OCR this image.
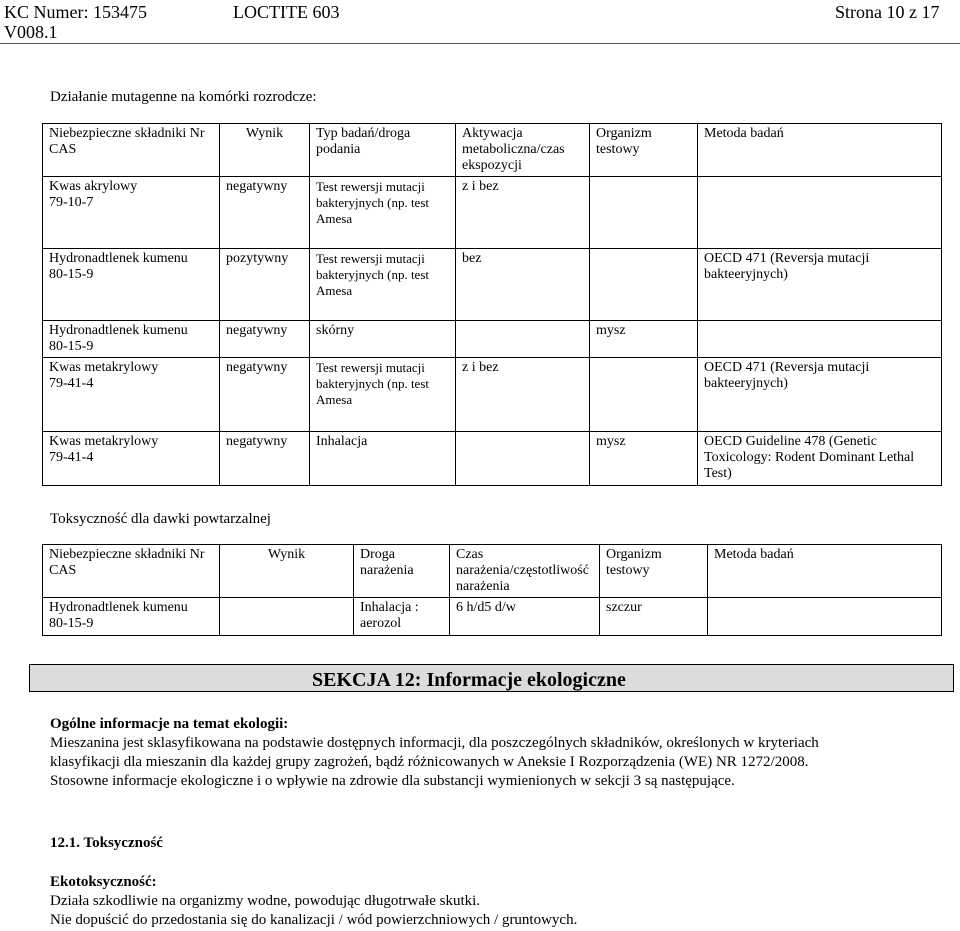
KC Numer: 153475	LOCTITE 603	Strona 10 z 17
V008.1
Działanie mutagenne na komórki rozrodcze:
Niebezpieczne składniki Nr CAS	Wynik	Typ badań/droga podania	Aktywacja metaboliczna/czas ekspozycji	Organizm testowy	Metoda badań

Kwas akrylowy
79-10-7	negatywny	Test rewersji mutacji bakteryjnych (np. test Amesa	z i bez		

Hydronadtlenek kumenu
80-15-9	pozytywny	Test rewersji mutacji bakteryjnych (np. test Amesa	bez		OECD 471 (Reversja mutacji bakteeryjnych)

Hydronadtlenek kumenu
80-15-9	negatywny	skórny		mysz	

Kwas metakrylowy
79-41-4	negatywny	Test rewersji mutacji bakteryjnych (np. test Amesa	z i bez		OECD 471 (Reversja mutacji bakteeryjnych)

Kwas metakrylowy
79-41-4	negatywny	Inhalacja		mysz	OECD Guideline 478 (Genetic Toxicology: Rodent Dominant Lethal Test)
Toksyczność dla dawki powtarzalnej
Niebezpieczne składniki Nr CAS	Wynik	Droga narażenia	Czas narażenia/częstotliwość narażenia	Organizm testowy	Metoda badań

Hydronadtlenek kumenu
80-15-9		Inhalacja : aerozol	6 h/d5 d/w	szczur	
SEKCJA 12: Informacje ekologiczne
Ogólne informacje na temat ekologii:
Mieszanina jest sklasyfikowana na podstawie dostępnych informacji, dla poszczególnych składników, określonych w kryteriach
klasyfikacji dla mieszanin dla każdej grupy zagrożeń, bądź różnicowanych w Aneksie I Rozporządzenia (WE) NR 1272/2008.
Stosowne informacje ekologiczne i o wpływie na zdrowie dla substancji wymienionych w sekcji 3 są następujące.
12.1. Toksyczność
Ekotoksyczność:
Działa szkodliwie na organizmy wodne, powodując długotrwałe skutki.
Nie dopuścić do przedostania się do kanalizacji / wód powierzchniowych / gruntowych.
